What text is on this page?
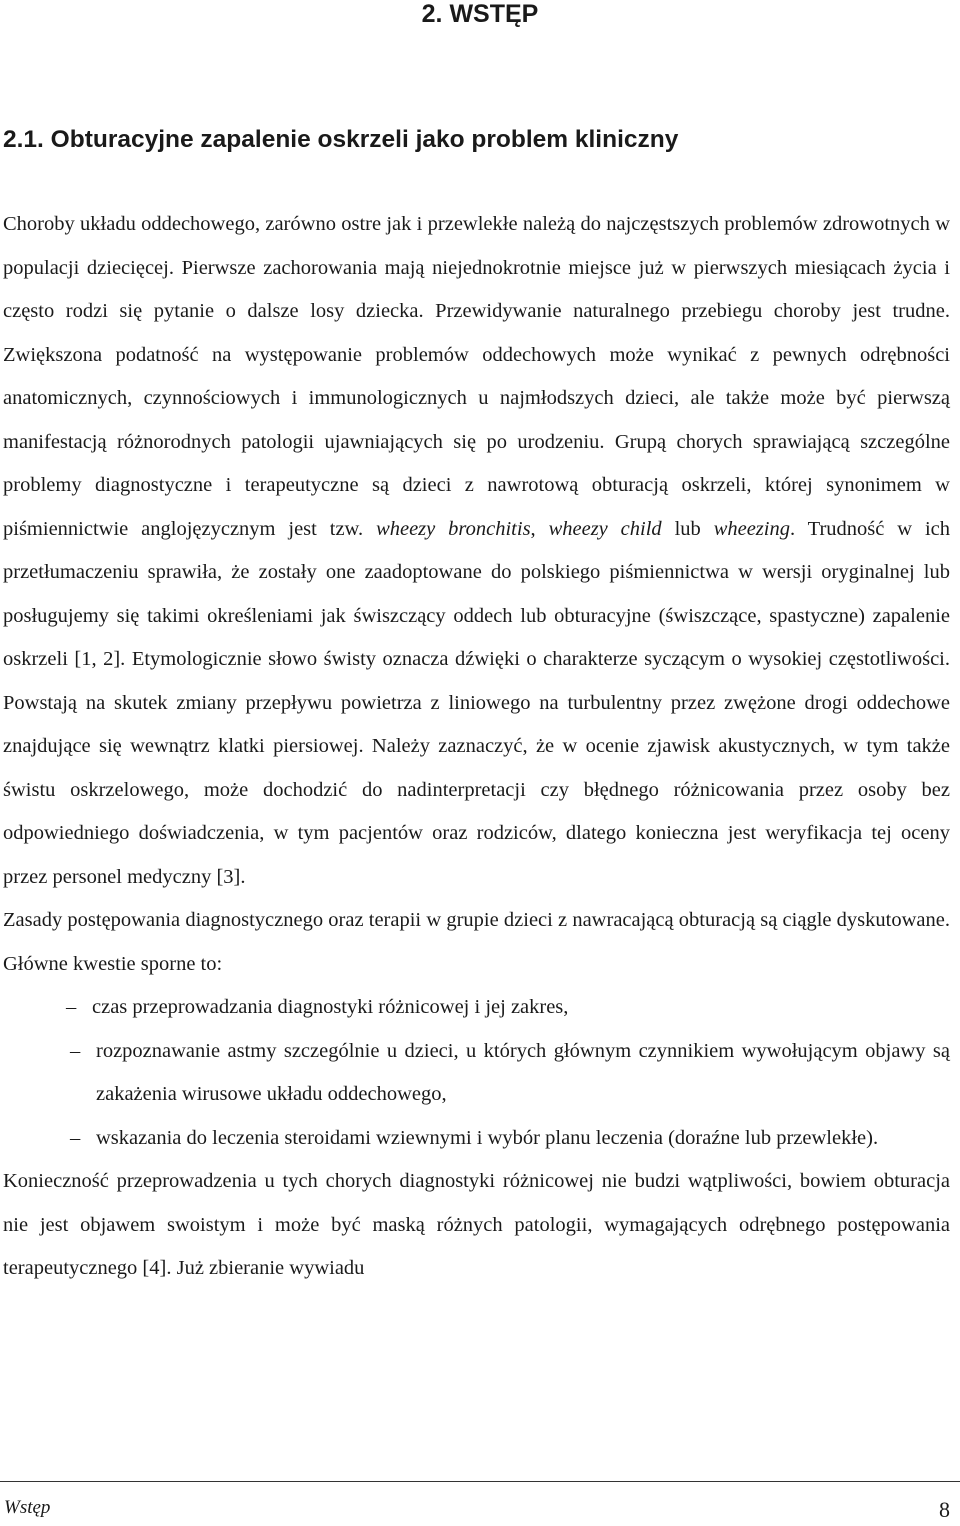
2. WSTĘP
2.1. Obturacyjne zapalenie oskrzeli jako problem kliniczny

Choroby układu oddechowego, zarówno ostre jak i przewlekłe należą do najczęstszych problemów zdrowotnych w populacji dziecięcej. Pierwsze zachorowania mają niejednokrotnie miejsce już w pierwszych miesiącach życia i często rodzi się pytanie o dalsze losy dziecka. Przewidywanie naturalnego przebiegu choroby jest trudne. Zwiększona podatność na występowanie problemów oddechowych może wynikać z pewnych odrębności anatomicznych, czynnościowych i immunologicznych u najmłodszych dzieci, ale także może być pierwszą manifestacją różnorodnych patologii ujawniających się po urodzeniu. Grupą chorych sprawiającą szczególne problemy diagnostyczne i terapeutyczne są dzieci z nawrotową obturacją oskrzeli, której synonimem w piśmiennictwie anglojęzycznym jest tzw. wheezy bronchitis, wheezy child lub wheezing. Trudność w ich przetłumaczeniu sprawiła, że zostały one zaadoptowane do polskiego piśmiennictwa w wersji oryginalnej lub posługujemy się takimi określeniami jak świszczący oddech lub obturacyjne (świszczące, spastyczne) zapalenie oskrzeli [1, 2]. Etymologicznie słowo świsty oznacza dźwięki o charakterze syczącym o wysokiej częstotliwości. Powstają na skutek zmiany przepływu powietrza z liniowego na turbulentny przez zwężone drogi oddechowe znajdujące się wewnątrz klatki piersiowej. Należy zaznaczyć, że w ocenie zjawisk akustycznych, w tym także świstu oskrzelowego, może dochodzić do nadinterpretacji czy błędnego różnicowania przez osoby bez odpowiedniego doświadczenia, w tym pacjentów oraz rodziców, dlatego konieczna jest weryfikacja tej oceny przez personel medyczny [3].

Zasady postępowania diagnostycznego oraz terapii w grupie dzieci z nawracającą obturacją są ciągle dyskutowane. Główne kwestie sporne to:

– czas przeprowadzania diagnostyki różnicowej i jej zakres,
– rozpoznawanie astmy szczególnie u dzieci, u których głównym czynnikiem wywołującym objawy są zakażenia wirusowe układu oddechowego,
– wskazania do leczenia steroidami wziewnymi i wybór planu leczenia (doraźne lub przewlekłe).

Konieczność przeprowadzenia u tych chorych diagnostyki różnicowej nie budzi wątpliwości, bowiem obturacja nie jest objawem swoistym i może być maską różnych patologii, wymagających odrębnego postępowania terapeutycznego [4]. Już zbieranie wywiadu

Wstęp	8
